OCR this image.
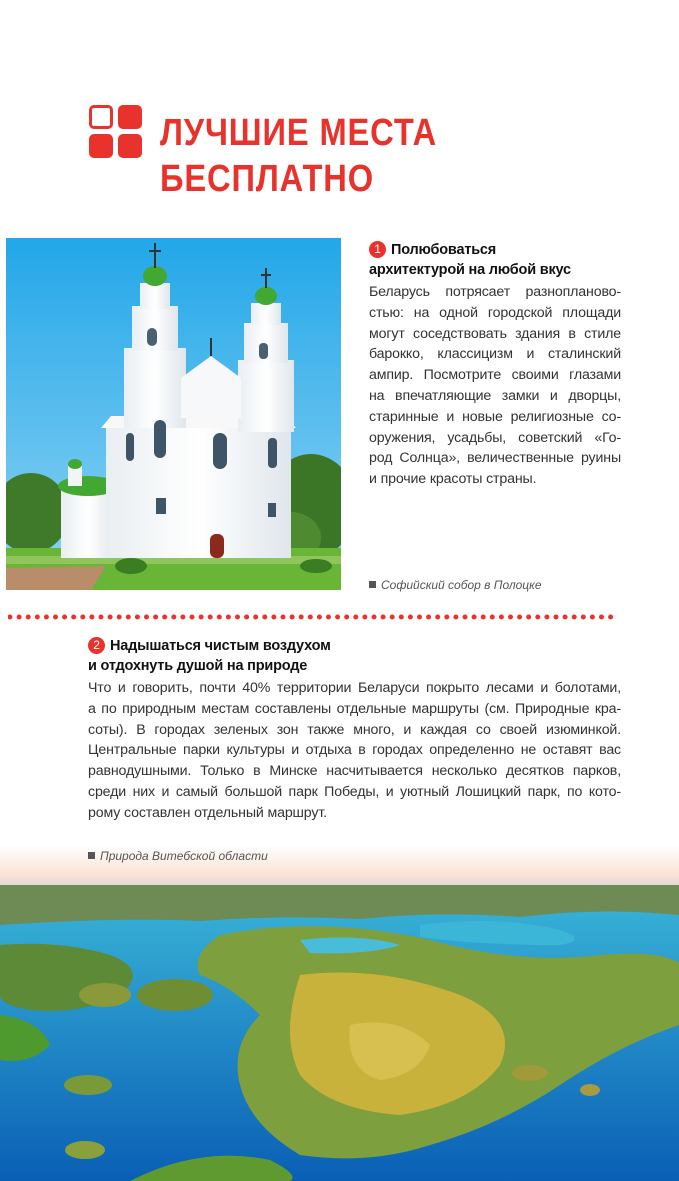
ЛУЧШИЕ МЕСТА
БЕСПЛАТНО
1 Полюбоваться
архитектурой на любой вкус

Беларусь потрясает разнопланово-
стью: на одной городской площади
могут соседствовать здания в стиле
барокко, классицизм и сталинский
ампир. Посмотрите своими глазами
на впечатляющие замки и дворцы,
старинные и новые религиозные со-
оружения, усадьбы, советский «Го-
род Солнца», величественные руины
и прочие красоты страны.

Софийский собор в Полоцке
2 Надышаться чистым воздухом
и отдохнуть душой на природе

Что и говорить, почти 40% территории Беларуси покрыто лесами и болотами,
а по природным местам составлены отдельные маршруты (см. Природные кра-
соты). В городах зеленых зон также много, и каждая со своей изюминкой.
Центральные парки культуры и отдыха в городах определенно не оставят вас
равнодушными. Только в Минске насчитывается несколько десятков парков,
среди них и самый большой парк Победы, и уютный Лошицкий парк, по кото-
рому составлен отдельный маршрут.

Природа Витебской области
